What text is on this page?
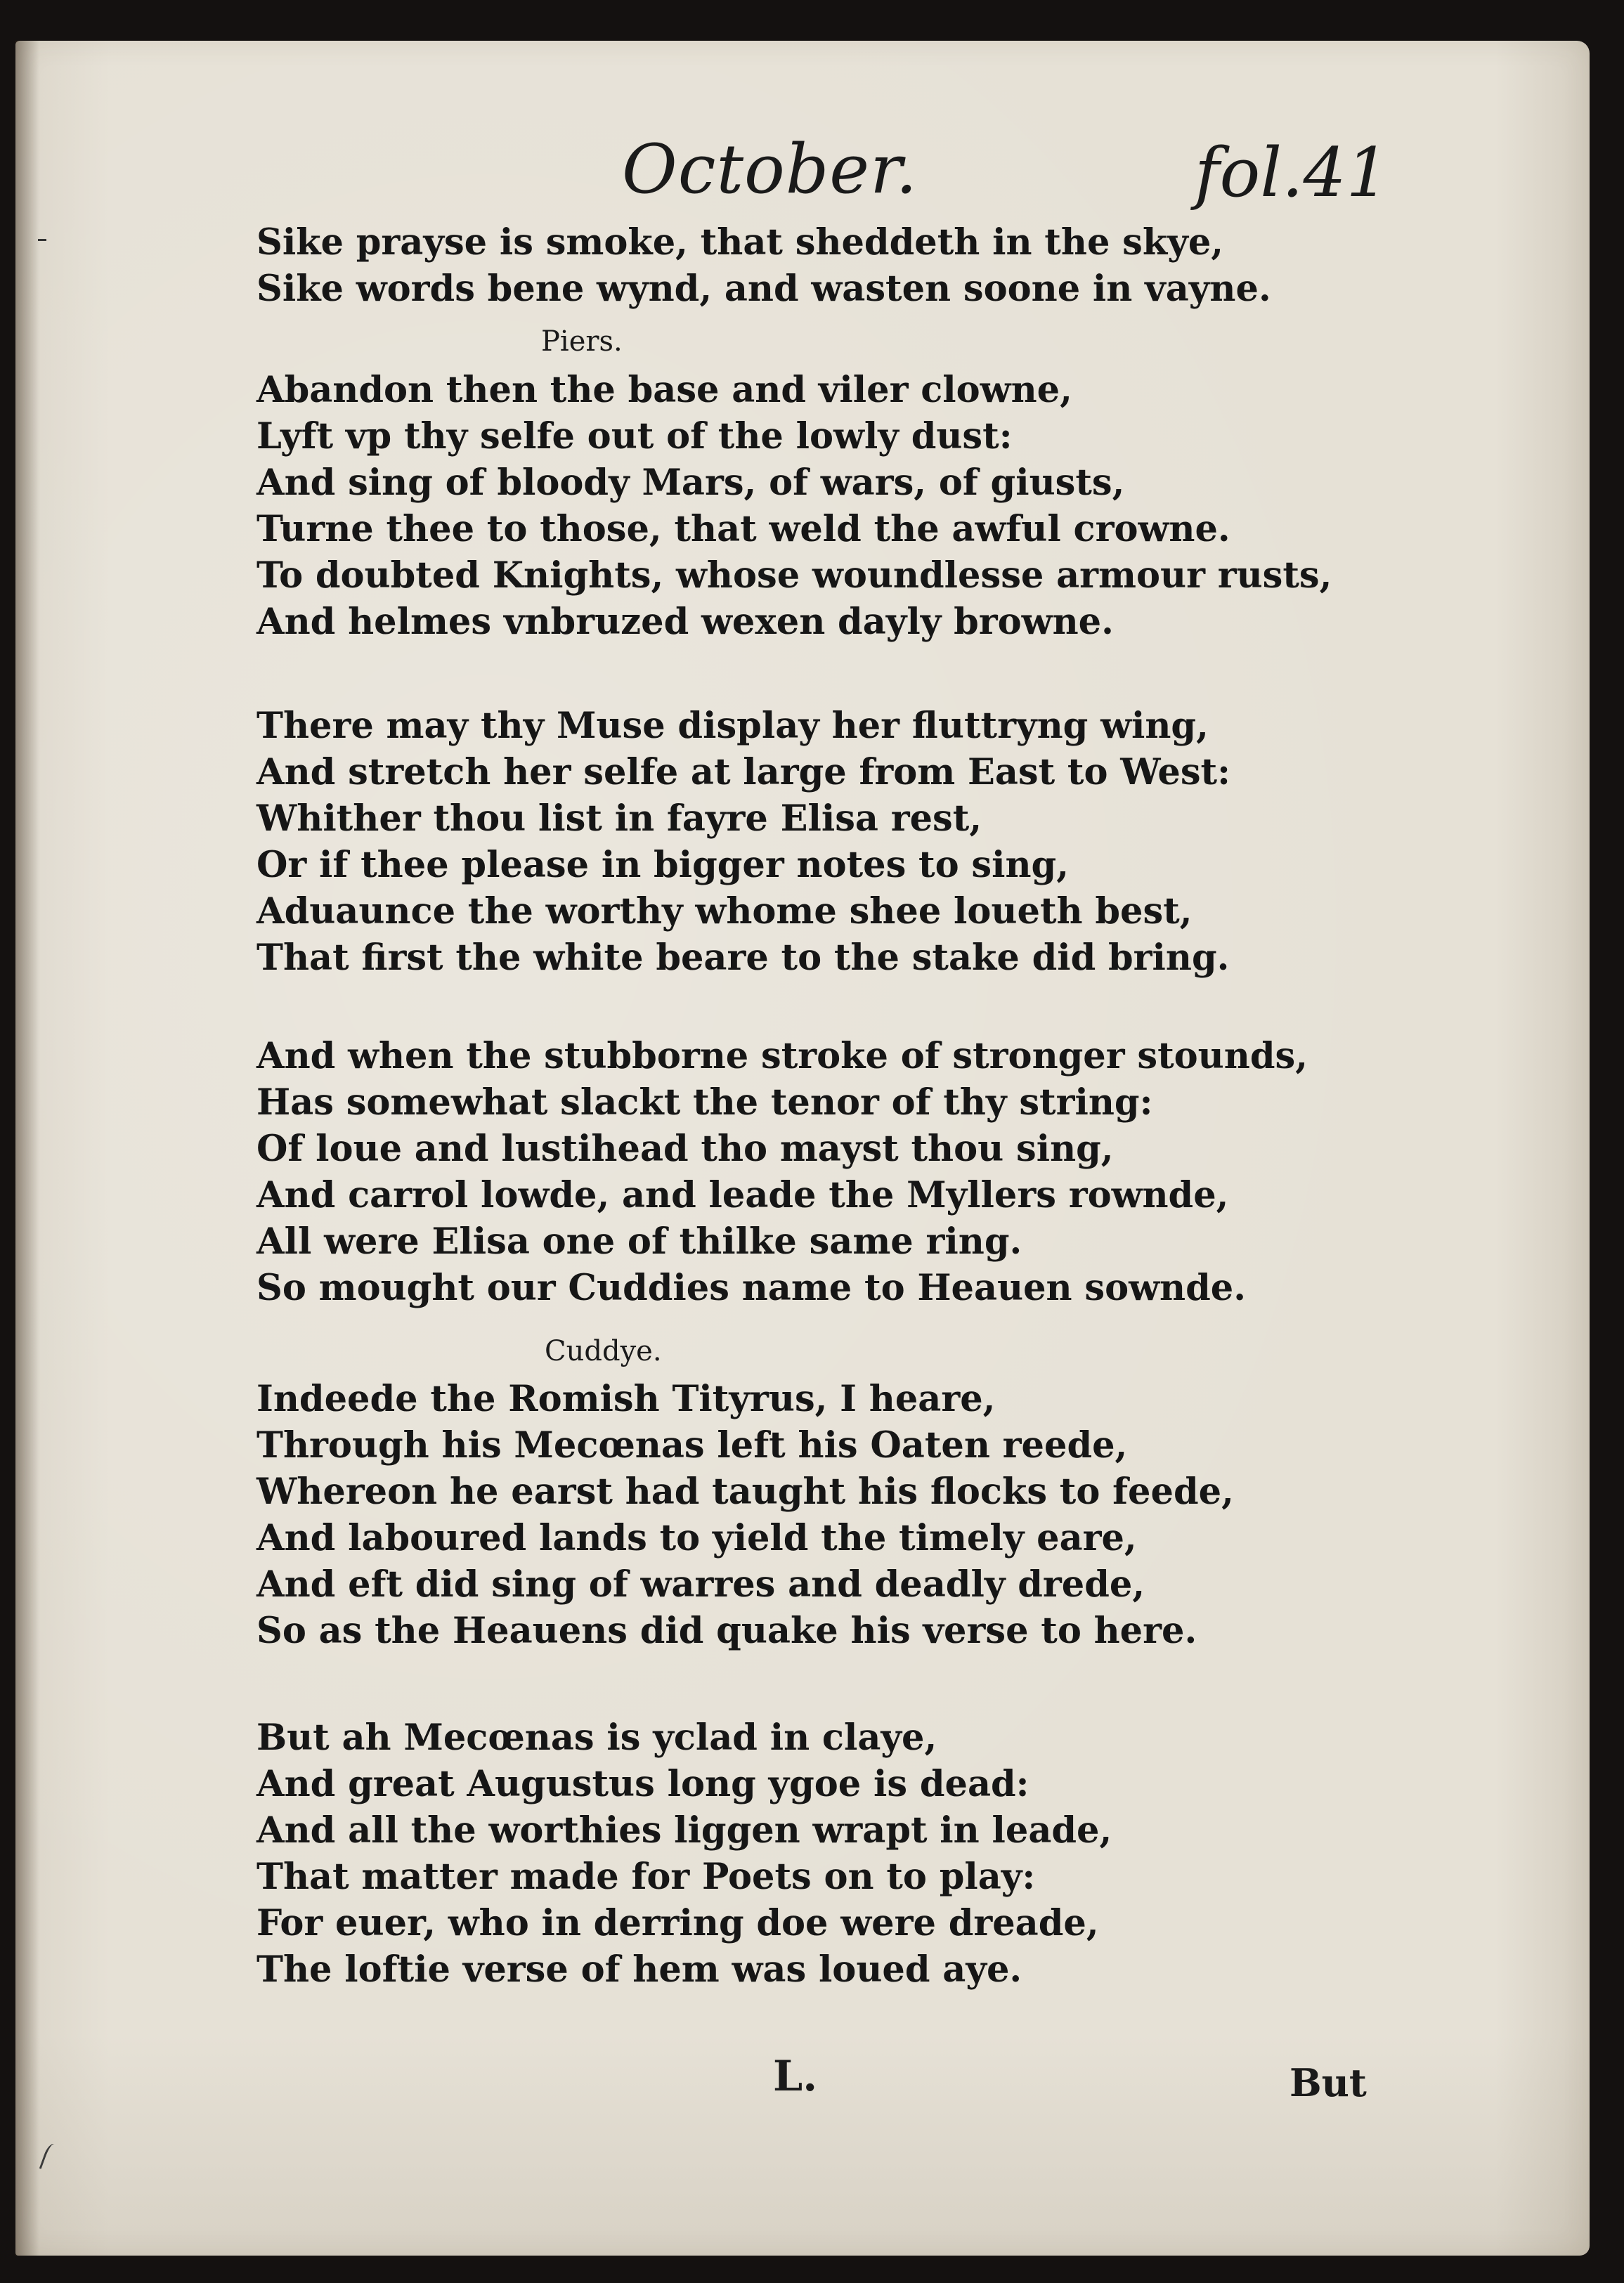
October.	fol.41
Sike prayse is smoke, that sheddeth in the skye,
Sike words bene wynd, and wasten soone in vayne.
Piers.
Abandon then the base and viler clowne,
Lyft vp thy selfe out of the lowly dust:
And sing of bloody Mars, of wars, of giusts,
Turne thee to those, that weld the awful crowne.
To doubted Knights, whose woundlesse armour rusts,
And helmes vnbruzed wexen dayly browne.
There may thy Muse display her fluttryng wing,
And stretch her selfe at large from East to West:
Whither thou list in fayre Elisa rest,
Or if thee please in bigger notes to sing,
Aduaunce the worthy whome shee loueth best,
That first the white beare to the stake did bring.
And when the stubborne stroke of stronger stounds,
Has somewhat slackt the tenor of thy string:
Of loue and lustihead tho mayst thou sing,
And carrol lowde, and leade the Myllers rownde,
All were Elisa one of thilke same ring.
So mought our Cuddies name to Heauen sownde.
Cuddye.
Indeede the Romish Tityrus, I heare,
Through his Mecœnas left his Oaten reede,
Whereon he earst had taught his flocks to feede,
And laboured lands to yield the timely eare,
And eft did sing of warres and deadly drede,
So as the Heauens did quake his verse to here.
But ah Mecœnas is yclad in claye,
And great Augustus long ygoe is dead:
And all the worthies liggen wrapt in leade,
That matter made for Poets on to play:
For euer, who in derring doe were dreade,
The loftie verse of hem was loued aye.
L.	But
